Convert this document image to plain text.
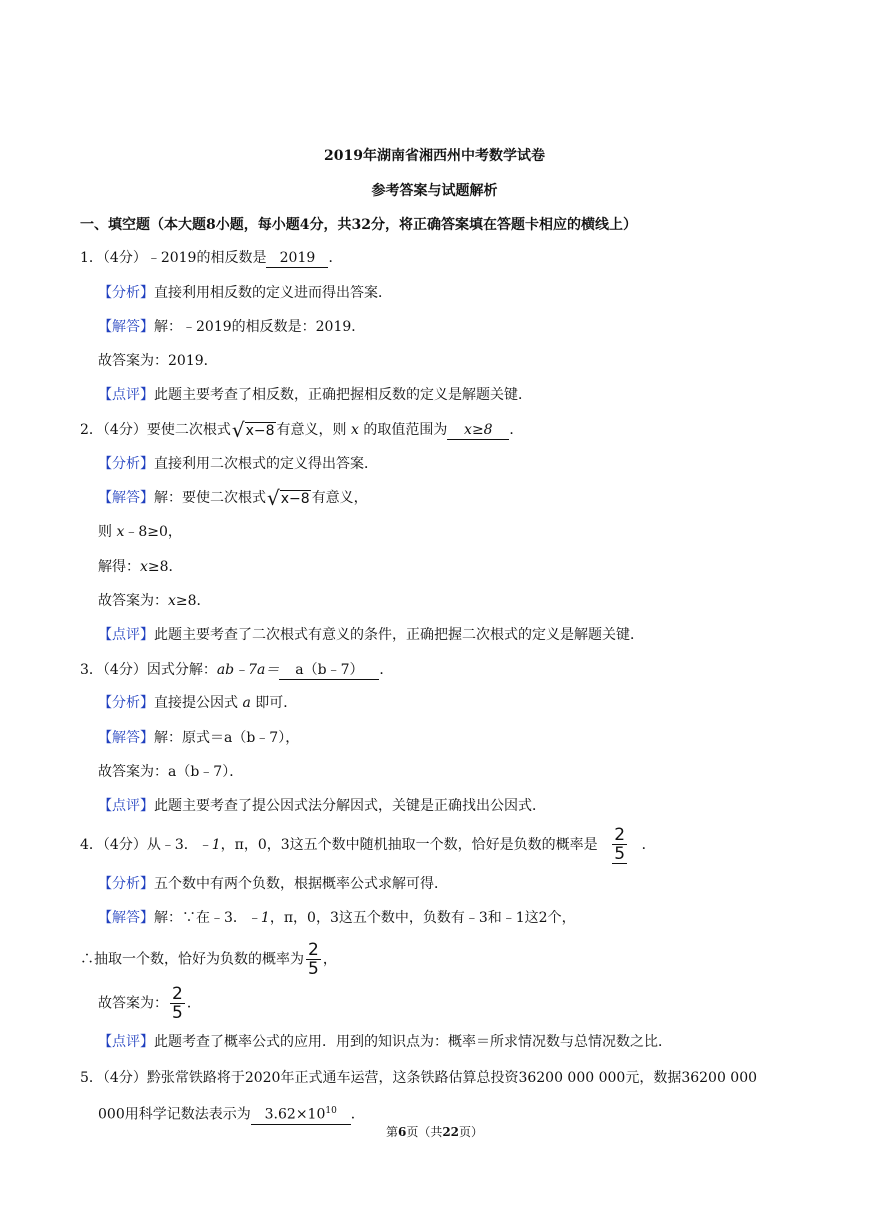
2019年湖南省湘西州中考数学试卷
参考答案与试题解析
一、填空题（本大题8小题，每小题4分，共32分，将正确答案填在答题卡相应的横线上）
1．（4分）﹣2019的相反数是 2019 ．
【分析】直接利用相反数的定义进而得出答案．
【解答】解：﹣2019的相反数是：2019．
故答案为：2019．
【点评】此题主要考查了相反数，正确把握相反数的定义是解题关键．
2．（4分）要使二次根式 √ x−8 有意义，则 x 的取值范围为 x≥8 ．
【分析】直接利用二次根式的定义得出答案．
【解答】解：要使二次根式 √ x−8 有意义，
则 x﹣8≥0，
解得：x≥8．
故答案为：x≥8．
【点评】此题主要考查了二次根式有意义的条件，正确把握二次根式的定义是解题关键．
3．（4分）因式分解：ab﹣7a＝ a（b﹣7） ．
【分析】直接提公因式 a 即可．
【解答】解：原式＝a（b﹣7），
故答案为：a（b﹣7）．
【点评】此题主要考查了提公因式法分解因式，关键是正确找出公因式．
4．（4分）从﹣3．﹣1，π，0，3这五个数中随机抽取一个数，恰好是负数的概率是 $\frac{2}{5}$ ．
【分析】五个数中有两个负数，根据概率公式求解可得．
【解答】解：∵在﹣3．﹣1，π，0，3这五个数中，负数有﹣3和﹣1这2个，
∴抽取一个数，恰好为负数的概率为 $\frac{2}{5}$ ，
故答案为： $\frac{2}{5}$ ．
【点评】此题考查了概率公式的应用．用到的知识点为：概率＝所求情况数与总情况数之比．
5．（4分）黔张常铁路将于2020年正式通车运营，这条铁路估算总投资36200 000 000元，数据36200 000
000用科学记数法表示为 $3.62\times 10^{10}$ ．
第6页（共22页）
